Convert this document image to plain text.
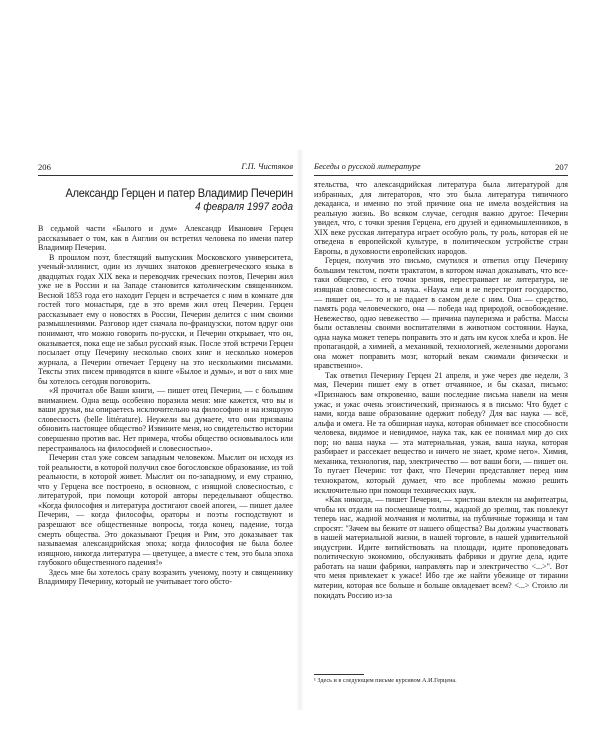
206	Г.П. Чистяков
Александр Герцен и патер Владимир Печерин
4 февраля 1997 года

В седьмой части «Былого и дум» Александр Иванович Герцен рассказывает о том, как в Англии он встретил человека по имени патер Владимир Печерин.

В прошлом поэт, блестящий выпускник Московского университета, ученый-эллинист, один из лучших знатоков древнегреческого языка в двадцатых годах XIX века и переводчик греческих поэтов, Печерин жил уже не в России и на Западе становится католическим священником. Весной 1853 года его находит Герцен и встречается с ним в комнате для гостей того монастыря, где в это время жил отец Печерин. Герцен рассказывает ему о новостях в России, Печерин делится с ним своими размышлениями. Разговор идет сначала по-французски, потом вдруг они понимают, что можно говорить по-русски, и Печерин открывает, что он, оказывается, пока еще не забыл русский язык. После этой встречи Герцен посылает отцу Печерину несколько своих книг и несколько номеров журнала, а Печерин отвечает Герцену на это несколькими письмами. Тексты этих писем приводятся в книге «Былое и думы», и вот о них мне бы хотелось сегодня поговорить.

«Я прочитал обе Ваши книги, — пишет отец Печерин, — с большим вниманием. Одна вещь особенно поразила меня: мне кажется, что вы и ваши друзья, вы опираетесь исключительно на философию и на изящную словесность (belle littérature). Неужели вы думаете, что они призваны обновить настоящее общество? Извините меня, но свидетельство истории совершенно против вас. Нет примера, чтобы общество основывалось или перестраивалось на философией и словесностью».

Печерин стал уже совсем западным человеком. Мыслит он исходя из той реальности, в которой получил свое богословское образование, из той реальности, в которой живет. Мыслит он по-западному, и ему странно, что у Герцена все построено, в основном, с изящной словесностью, с литературой, при помощи которой авторы переделывают общество. «Когда философия и литература достигают своей апогеи, — пишет далее Печерин, — когда философы, ораторы и поэты господствуют и разрешают все общественные вопросы, тогда конец, падение, тогда смерть общества. Это доказывают Греция и Рим, это доказывает так называемая александрийская эпоха; когда философия не была более изящною, никогда литература — цветущее, а вместе с тем, это была эпоха глубокого общественного падения!»

Здесь мне бы хотелось сразу возразить ученому, поэту и священнику Владимиру Печерину, который не учитывает того обсто-

Беседы о русской литературе	207

ятельства, что александрийская литература была литературой для избранных, для литераторов, что это была литература типичного декаданса, и именно по этой причине она не имела воздействия на реальную жизнь. Во всяком случае, сегодня важно другое: Печерин увидел, что, с точки зрения Герцена, его друзей и единомышленников, в XIX веке русская литература играет особую роль, ту роль, которая ей не отведена в европейской культуре, в политическом устройстве стран Европы, в духовности европейских народов.

Герцен, получив это письмо, смутился и ответил отцу Печерину большим текстом, почти трактатом, в котором начал доказывать, что все-таки общество, с его точки зрения, перестраивает не литература, не изящная словесность, а наука. «Наука ели и не перестроит государство, — пишет он, — то и не падает в самом деле с ним. Она — средство, память рода человеческого, она — победа над природой, освобождение. Невежество, одно невежество — причина пауперизма и рабства. Массы были оставлены своими воспитателями в животном состоянии. Наука, одна наука может теперь поправить это и дать им кусок хлеба и кров. Не пропагандой, а химией, а механикой, технологией, железными дорогами она может поправить мозг, который векам сжимали физически и нравственно».

Так ответил Печерину Герцен 21 апреля, и уже через две недели, 3 мая, Печерин пишет ему в ответ отчаянное, и бы сказал, письмо: «Признаюсь вам откровенно, ваши последние письма навели на меня ужас, и ужас очень эгоистический, признаюсь я в письмо: Что будет с нами, когда ваше образование одержит победу? Для вас наука — всё, альфа и омега. Не та обширная наука, которая обнимает все способности человека, видимое и невидимое, наука так, как ее понимал мир до сих пор; но ваша наука — эта материальная, узкая, ваша наука, которая разбирает и рассекает вещество и ничего не знает, кроме него». Химия, механика, технология, пар, электричество — вот ваши боги, — пишет он. То пугает Печерин: тот факт, что Печерин представляет перед ним технократом, который думает, что все проблемы можно решить исключительно при помощи технических наук.

«Как никогда, — пишет Печерин, — христиан влекли на амфитеатры, чтобы их отдали на посмешище толпы, жадной до зрелищ, так повлекут теперь нас, жадной молчания и молитвы, на публичные торжища и там спросят: "Зачем вы бежите от нашего общества? Вы должны участвовать в нашей материальной жизни, в нашей торговле, в нашей удивительной индустрии. Идите витийствовать на площади, идите проповедовать политическую экономию, обслуживать фабрики и другие дела, идите работать на наши фабрики, направлять пар и электричество <...>". Вот что меня привлекает к ужасе! Ибо где же найти убежище от тирании материи, которая все больше и больше овладевает всем? <...> Стоило ли покидать Россию из-за

¹ Здесь и в следующем письме курсивом А.И.Герцена.
